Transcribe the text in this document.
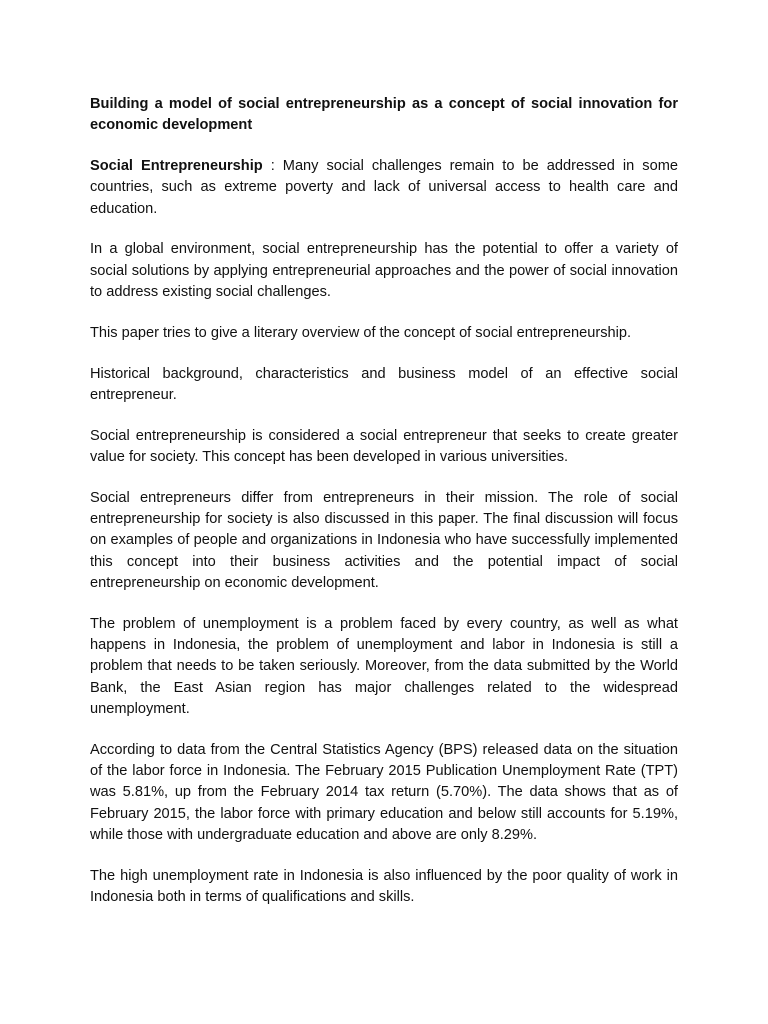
Building a model of social entrepreneurship as a concept of social innovation for economic development

Social Entrepreneurship : Many social challenges remain to be addressed in some countries, such as extreme poverty and lack of universal access to health care and education.

In a global environment, social entrepreneurship has the potential to offer a variety of social solutions by applying entrepreneurial approaches and the power of social innovation to address existing social challenges.

This paper tries to give a literary overview of the concept of social entrepreneurship.

Historical background, characteristics and business model of an effective social entrepreneur.

Social entrepreneurship is considered a social entrepreneur that seeks to create greater value for society. This concept has been developed in various universities.

Social entrepreneurs differ from entrepreneurs in their mission. The role of social entrepreneurship for society is also discussed in this paper. The final discussion will focus on examples of people and organizations in Indonesia who have successfully implemented this concept into their business activities and the potential impact of social entrepreneurship on economic development.

The problem of unemployment is a problem faced by every country, as well as what happens in Indonesia, the problem of unemployment and labor in Indonesia is still a problem that needs to be taken seriously. Moreover, from the data submitted by the World Bank, the East Asian region has major challenges related to the widespread unemployment.

According to data from the Central Statistics Agency (BPS) released data on the situation of the labor force in Indonesia. The February 2015 Publication Unemployment Rate (TPT) was 5.81%, up from the February 2014 tax return (5.70%). The data shows that as of February 2015, the labor force with primary education and below still accounts for 5.19%, while those with undergraduate education and above are only 8.29%.

The high unemployment rate in Indonesia is also influenced by the poor quality of work in Indonesia both in terms of qualifications and skills.
